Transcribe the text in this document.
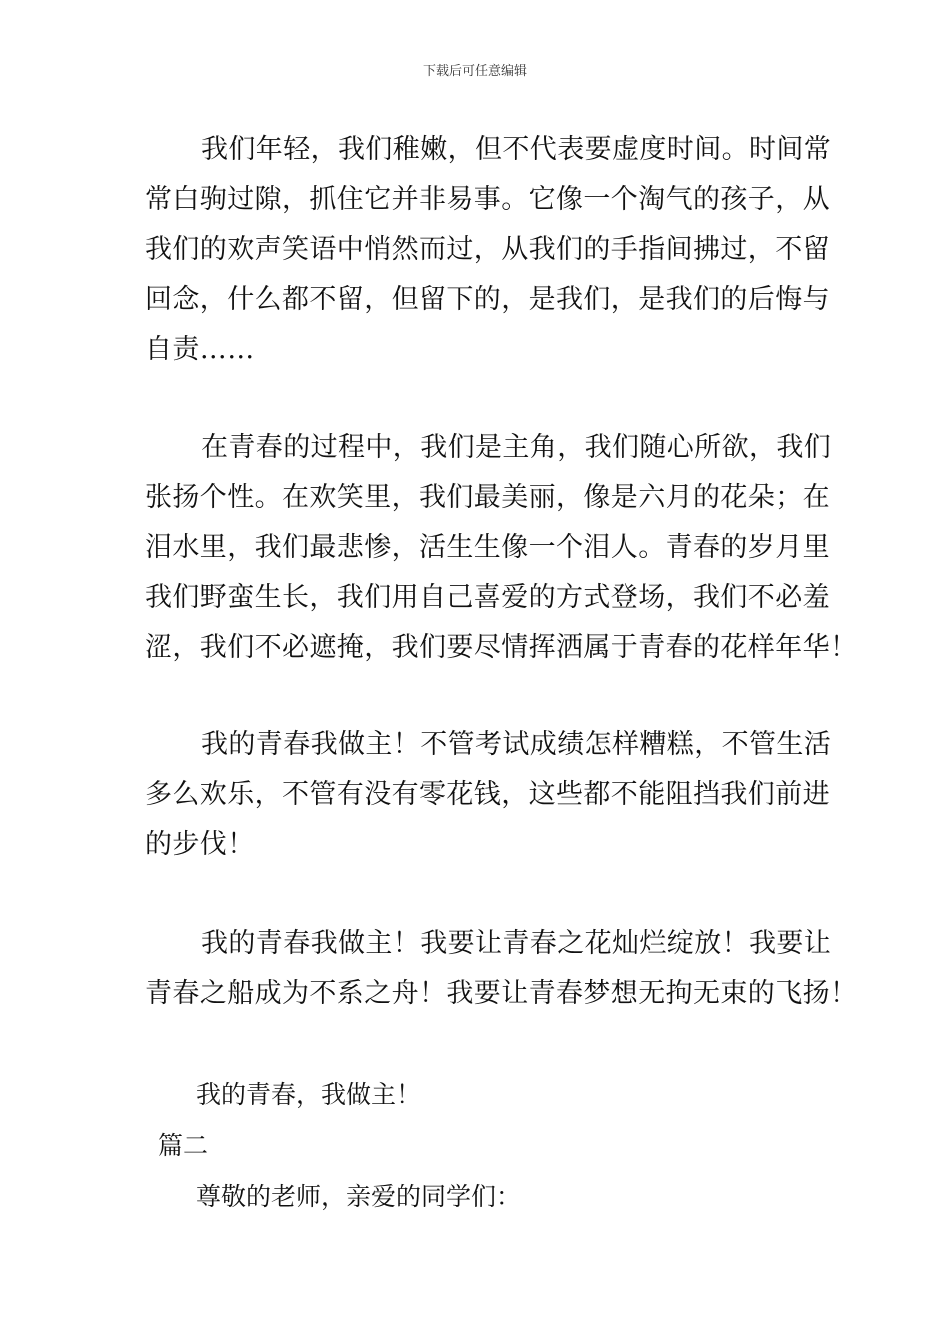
下载后可任意编辑
我们年轻，我们稚嫩，但不代表要虚度时间。时间常
常白驹过隙，抓住它并非易事。它像一个淘气的孩子，从
我们的欢声笑语中悄然而过，从我们的手指间拂过，不留
回念，什么都不留，但留下的，是我们，是我们的后悔与
自责……
在青春的过程中，我们是主角，我们随心所欲，我们
张扬个性。在欢笑里，我们最美丽，像是六月的花朵；在
泪水里，我们最悲惨，活生生像一个泪人。青春的岁月里
我们野蛮生长，我们用自己喜爱的方式登场，我们不必羞
涩，我们不必遮掩，我们要尽情挥洒属于青春的花样年华！
我的青春我做主！不管考试成绩怎样糟糕，不管生活
多么欢乐，不管有没有零花钱，这些都不能阻挡我们前进
的步伐！
我的青春我做主！我要让青春之花灿烂绽放！我要让
青春之船成为不系之舟！我要让青春梦想无拘无束的飞扬！
我的青春，我做主！
篇二
尊敬的老师，亲爱的同学们：
